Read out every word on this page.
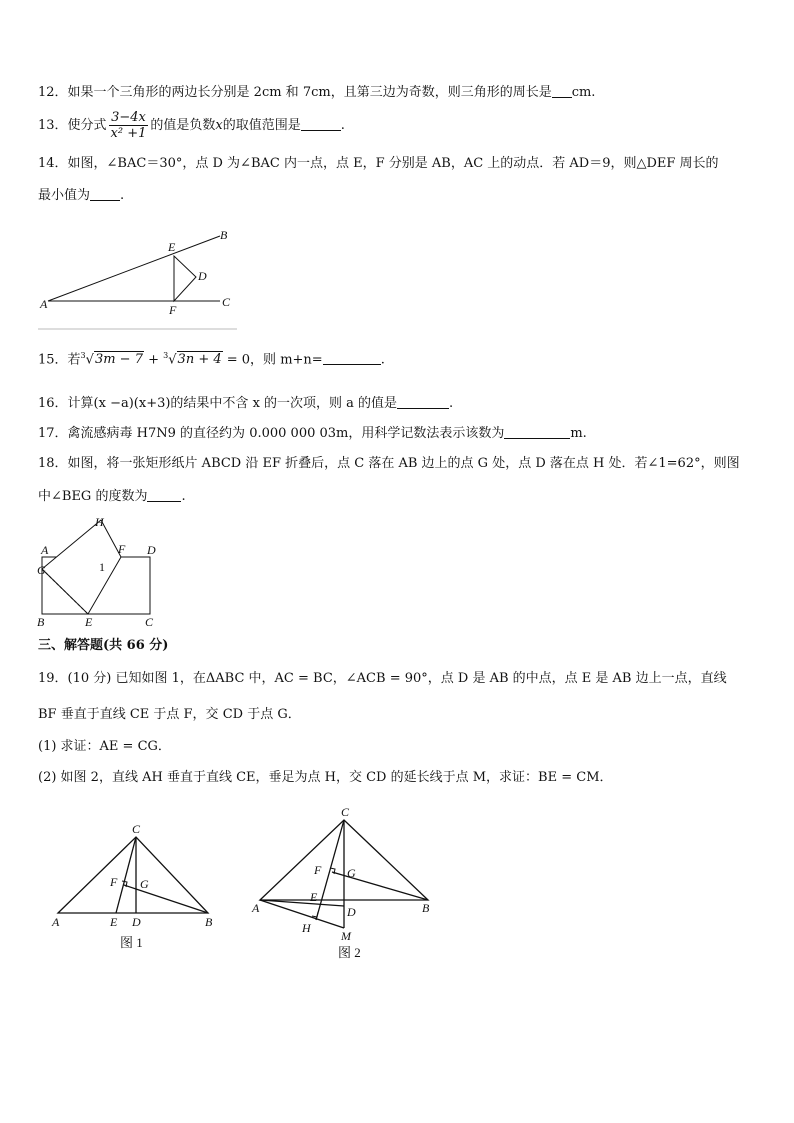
12．如果一个三角形的两边长分别是 2cm 和 7cm，且第三边为奇数，则三角形的周长是 cm.
13．使分式 $\frac{3-4x}{\text{x² +1}}$ 的值是负数x的取值范围是	.
14．如图，∠BAC＝30°，点 D 为∠BAC 内一点，点 E，F 分别是 AB，AC 上的动点．若 AD＝9，则△DEF 周长的
最小值为 .
A
B
C
D
E
F
15．若$^3$√3m − 7 + $^3$√3n + 4 = 0，则 m+n=	.
16．计算(x −a)(x+3)的结果中不含 x 的一次项，则 a 的值是	.
17．禽流感病毒 H7N9 的直径约为 0.000 000 03m，用科学记数法表示该数为	m.
18．如图，将一张矩形纸片 ABCD 沿 EF 折叠后，点 C 落在 AB 边上的点 G 处，点 D 落在点 H 处．若∠1=62°，则图
中∠BEG 的度数为	.
H
A	F D
G	1
E
B	C
三、解答题(共 66 分)
19．(10 分) 已知如图 1，在ΔABC 中，AC = BC，∠ACB = 90°，点 D 是 AB 的中点，点 E 是 AB 边上一点，直线
BF 垂直于直线 CE 于点 F，交 CD 于点 G．
(1) 求证：AE = CG．
(2) 如图 2，直线 AH 垂直于直线 CE，垂足为点 H，交 CD 的延长线于点 M，求证：BE = CM．
C
F G
A	E D	B
图 1
C
F G
E
A	D	B
H
M
图 2
